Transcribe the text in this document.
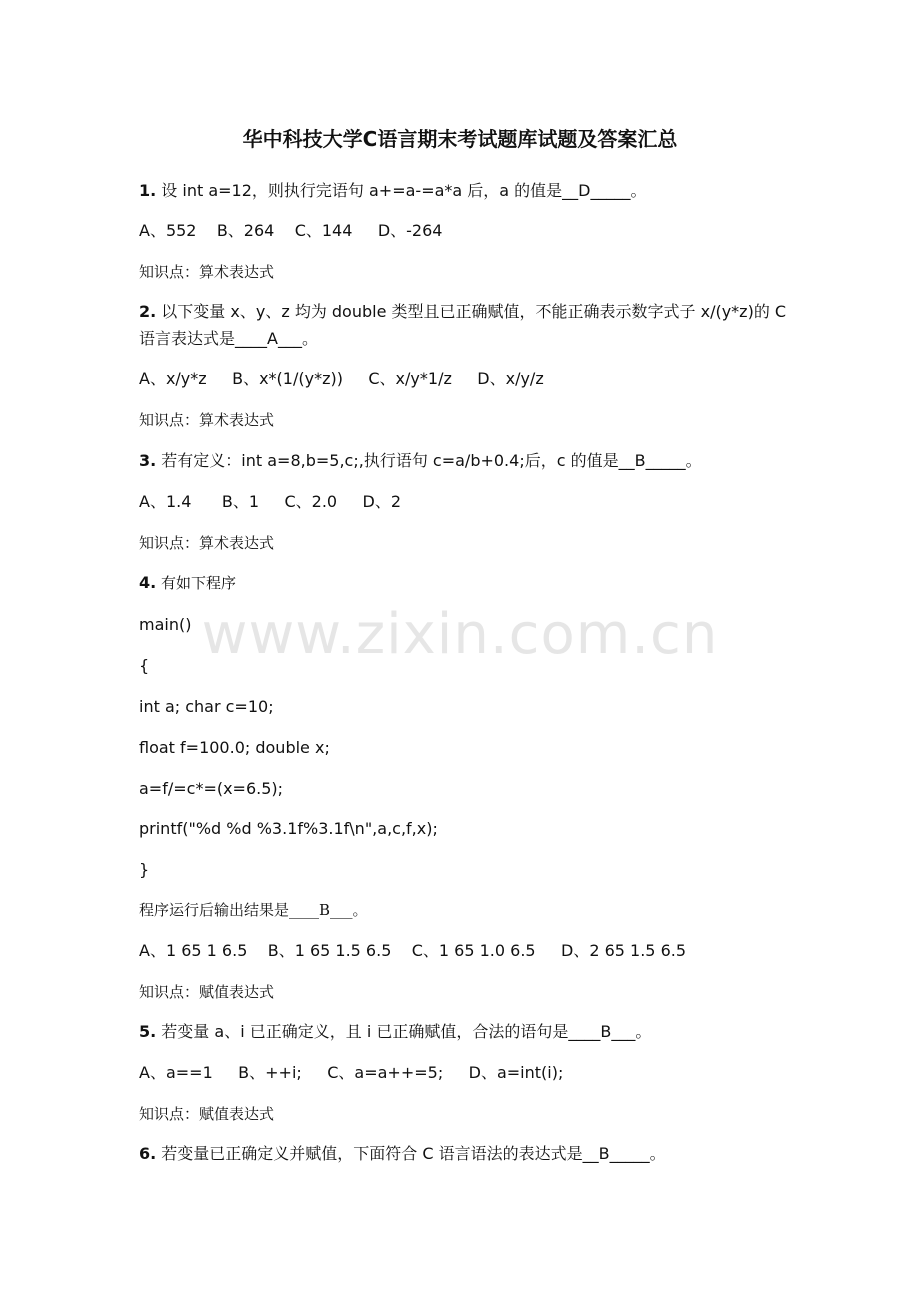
华中科技大学C语言期末考试题库试题及答案汇总
1. 设 int a=12，则执行完语句 a+=a-=a*a 后，a 的值是__D_____。
A、552    B、264    C、144     D、-264
知识点：算术表达式
2. 以下变量 x、y、z 均为 double 类型且已正确赋值，不能正确表示数字式子 x/(y*z)的 C 语言表达式是____A___。
A、x/y*z     B、x*(1/(y*z))     C、x/y*1/z     D、x/y/z
知识点：算术表达式
3. 若有定义：int a=8,b=5,c;,执行语句 c=a/b+0.4;后，c 的值是__B_____。
A、1.4      B、1     C、2.0     D、2
知识点：算术表达式
4. 有如下程序
main()
{
int a; char c=10;
float f=100.0; double x;
a=f/=c*=(x=6.5);
printf("%d %d %3.1f%3.1f\n",a,c,f,x);
}
程序运行后输出结果是____B___。
A、1 65 1 6.5    B、1 65 1.5 6.5    C、1 65 1.0 6.5     D、2 65 1.5 6.5
知识点：赋值表达式
5. 若变量 a、i 已正确定义，且 i 已正确赋值，合法的语句是____B___。
A、a==1     B、++i;     C、a=a++=5;     D、a=int(i);
知识点：赋值表达式
6. 若变量已正确定义并赋值，下面符合 C 语言语法的表达式是__B_____。
www.zixin.com.cn
